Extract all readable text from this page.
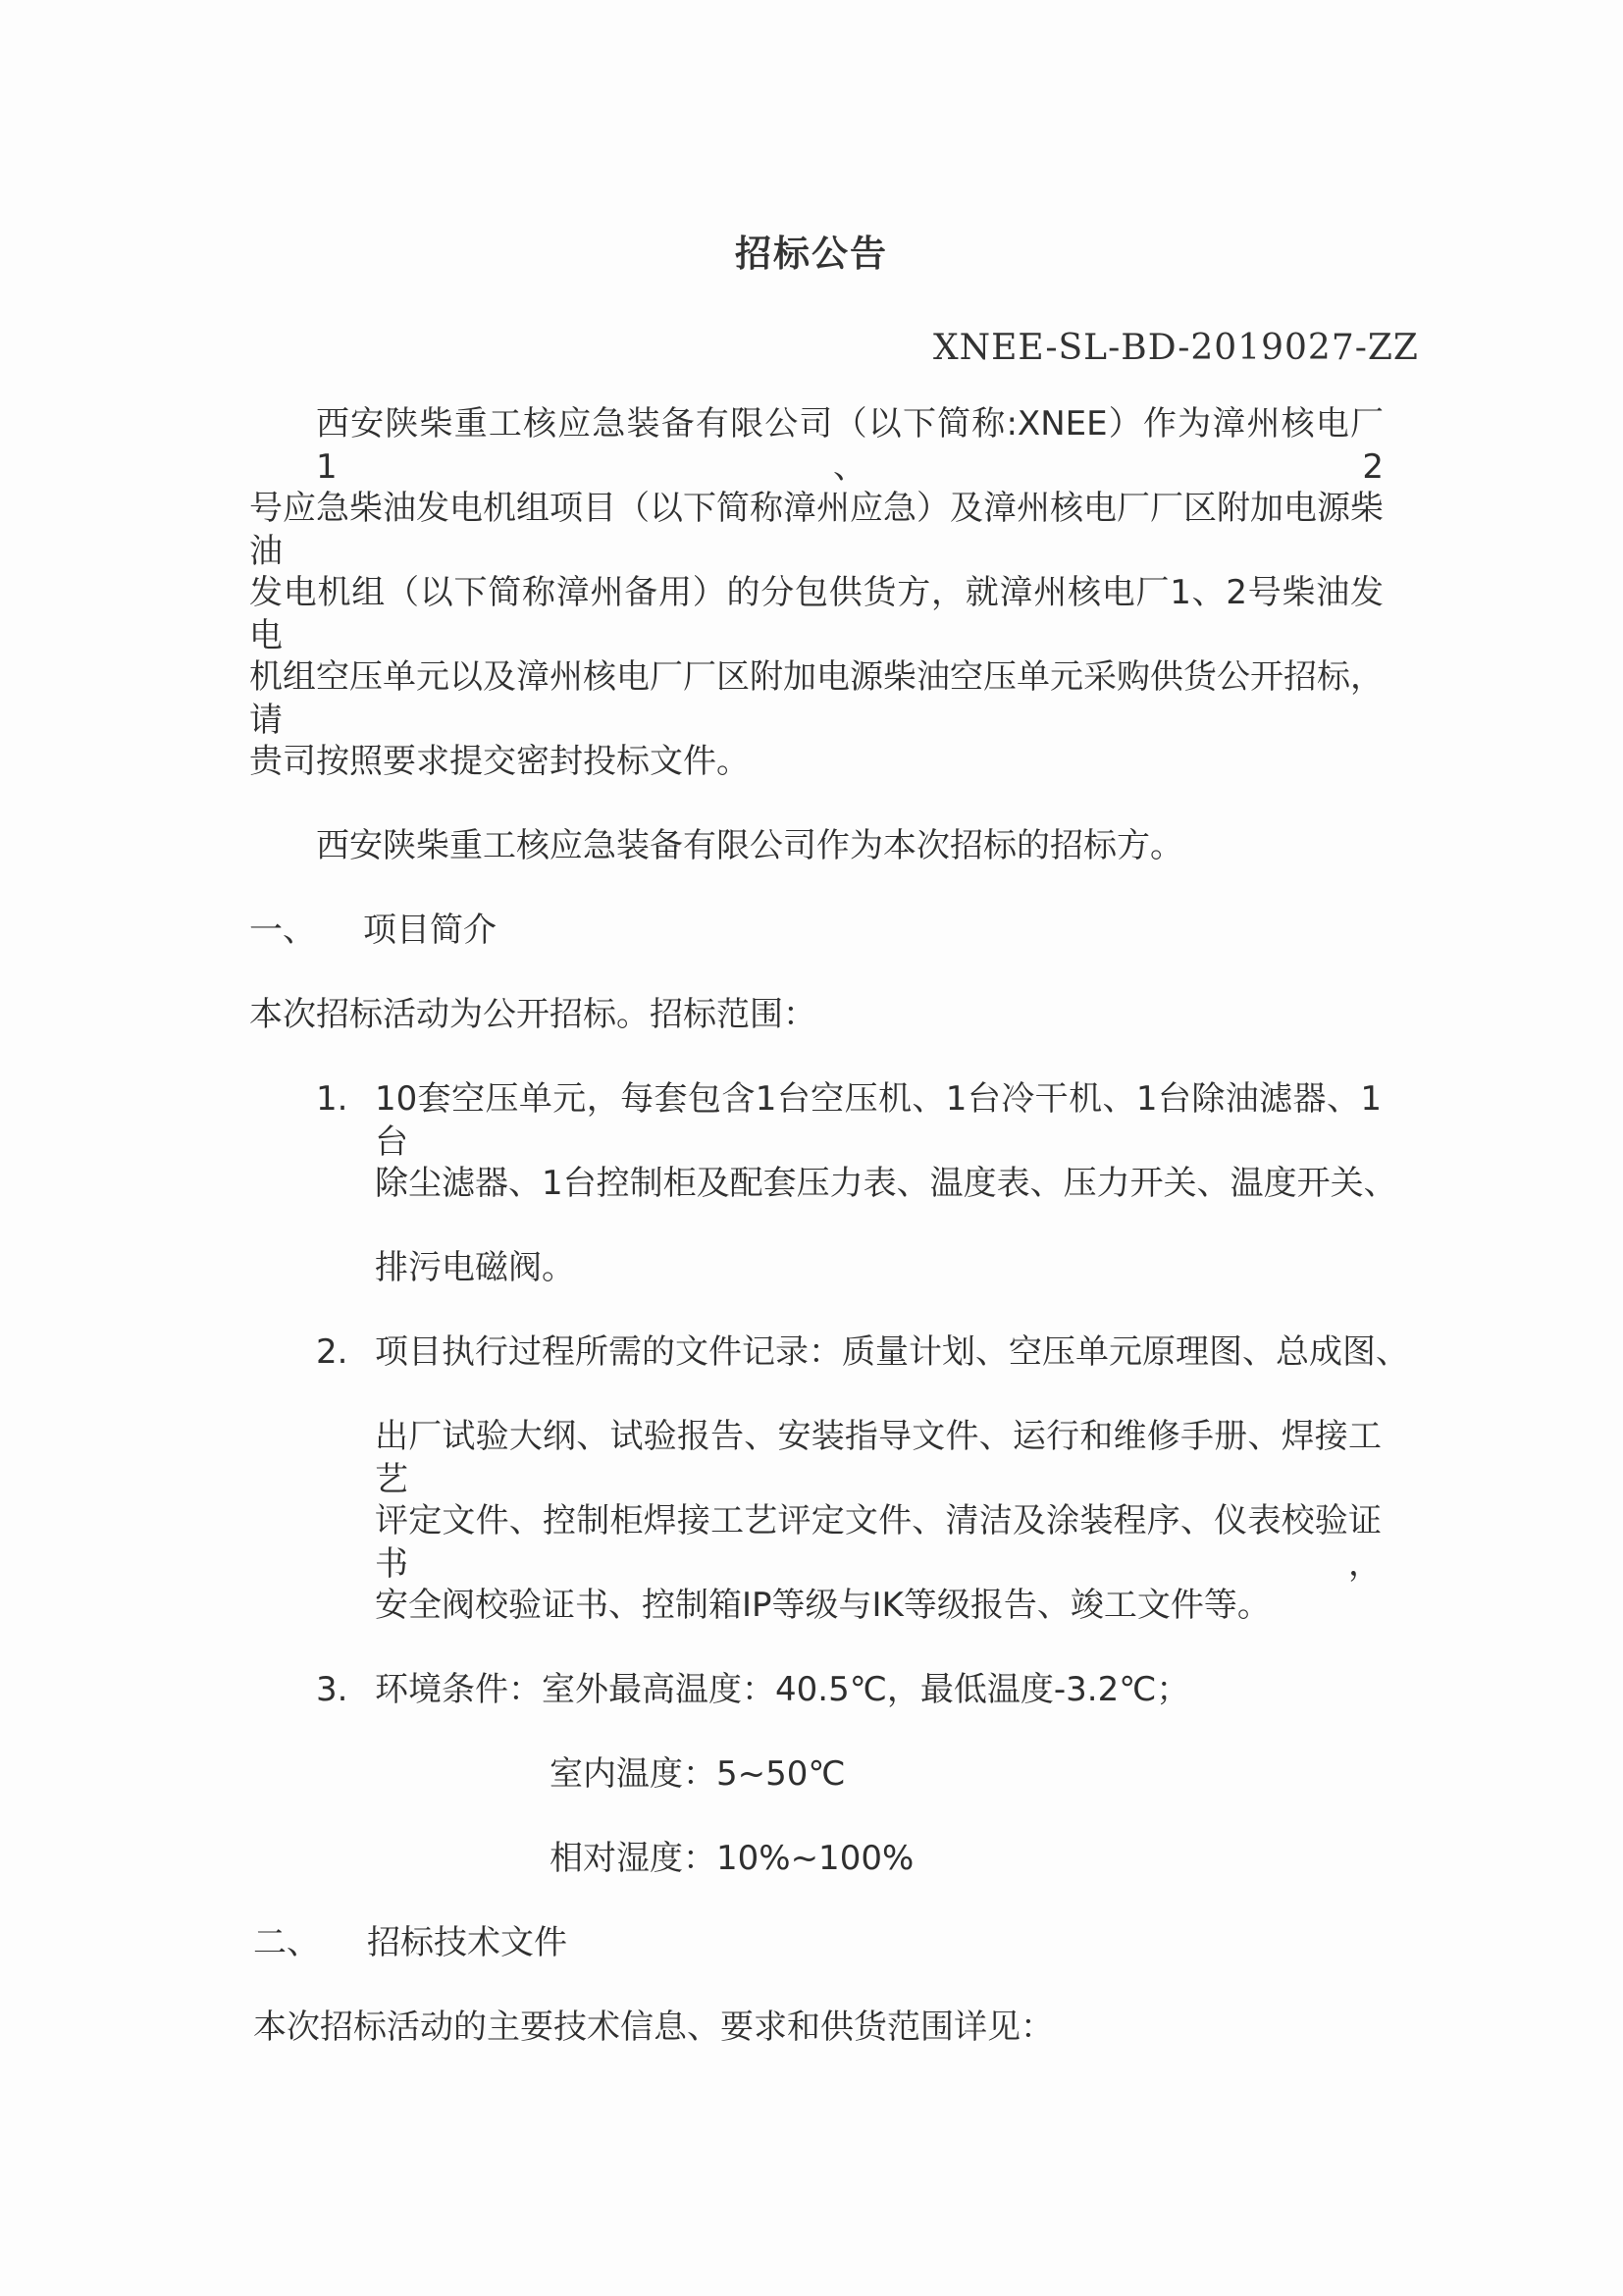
招标公告
XNEE-SL-BD-2019027-ZZ
西安陕柴重工核应急装备有限公司（以下简称:XNEE）作为漳州核电厂1、2
号应急柴油发电机组项目（以下简称漳州应急）及漳州核电厂厂区附加电源柴油
发电机组（以下简称漳州备用）的分包供货方，就漳州核电厂1、2号柴油发电
机组空压单元以及漳州核电厂厂区附加电源柴油空压单元采购供货公开招标，请
贵司按照要求提交密封投标文件。
西安陕柴重工核应急装备有限公司作为本次招标的招标方。
一、 项目简介
本次招标活动为公开招标。招标范围：
1. 10套空压单元，每套包含1台空压机、1台冷干机、1台除油滤器、1台
除尘滤器、1台控制柜及配套压力表、温度表、压力开关、温度开关、
排污电磁阀。
2. 项目执行过程所需的文件记录：质量计划、空压单元原理图、总成图、
出厂试验大纲、试验报告、安装指导文件、运行和维修手册、焊接工艺
评定文件、控制柜焊接工艺评定文件、清洁及涂装程序、仪表校验证书，
安全阀校验证书、控制箱IP等级与IK等级报告、竣工文件等。
3. 环境条件：室外最高温度：40.5℃，最低温度-3.2℃；
室内温度：5~50℃
相对湿度：10%~100%
二、 招标技术文件
本次招标活动的主要技术信息、要求和供货范围详见：
